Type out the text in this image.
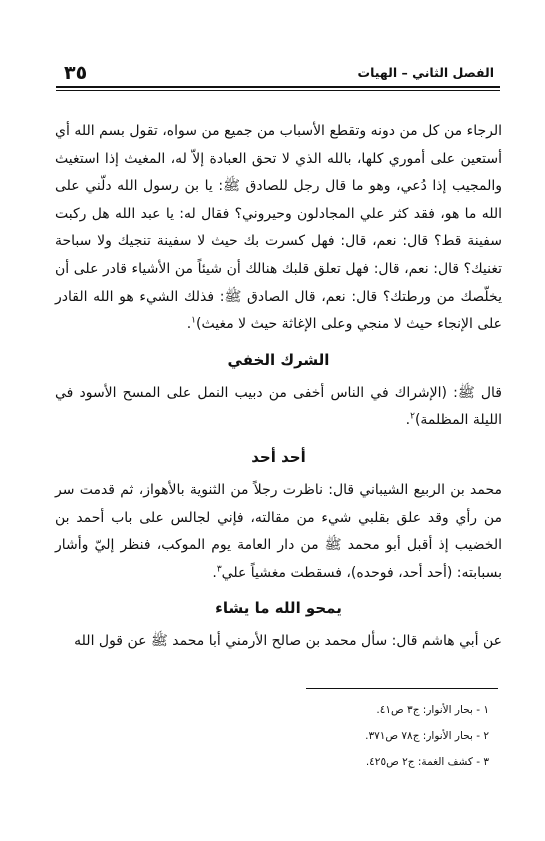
٣٥	الفصل الثاني – الهيات

الرجاء من كل من دونه وتقطع الأسباب من جميع من سواه، تقول بسم الله أي أستعين على أموري كلها، بالله الذي لا تحق العبادة إلاّ له، المغيث إذا استغيث والمجيب إذا دُعي، وهو ما قال رجل للصادق ﷺ: يا بن رسول الله دلّني على الله ما هو، فقد كثر علي المجادلون وحيروني؟ فقال له: يا عبد الله هل ركبت سفينة قط؟ قال: نعم، قال: فهل كسرت بك حيث لا سفينة تنجيك ولا سباحة تغنيك؟ قال: نعم، قال: فهل تعلق قلبك هنالك أن شيئاً من الأشياء قادر على أن يخلّصك من ورطتك؟ قال: نعم، قال الصادق ﷺ: فذلك الشيء هو الله القادر على الإنجاء حيث لا منجي وعلى الإغاثة حيث لا مغيث)$^١$.

الشرك الخفي

قال ﷺ: (الإشراك في الناس أخفى من دبيب النمل على المسح الأسود في الليلة المظلمة)$^٢$.

أحد أحد

محمد بن الربيع الشيباني قال: ناظرت رجلاً من الثنوية بالأهواز، ثم قدمت سر من رأي وقد علق بقلبي شيء من مقالته، فإني لجالس على باب أحمد بن الخضيب إذ أقبل أبو محمد ﷺ من دار العامة يوم الموكب، فنظر إليّ وأشار بسبابته: (أحد أحد، فوحده)، فسقطت مغشياً علي$^٣$.

يمحو الله ما يشاء

عن أبي هاشم قال: سأل محمد بن صالح الأرمني أبا محمد ﷺ عن قول الله

١ - بحار الأنوار: ج٣ ص٤١.

٢ - بحار الأنوار: ج٧٨ ص٣٧١.

٣ - كشف الغمة: ج٢ ص٤٢٥.
